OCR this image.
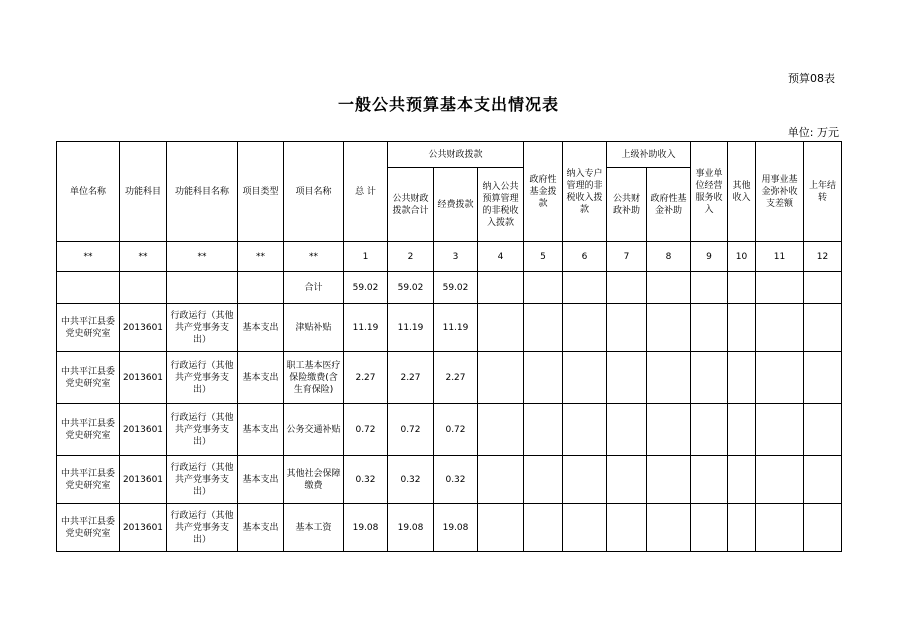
预算08表
一般公共预算基本支出情况表
单位: 万元
单位名称	功能科目	功能科目名称	项目类型	项目名称	总 计	公共财政拨款			政府性基金拨款	纳入专户管理的非税收入拨款	上级补助收入		事业单位经营服务收入	其他收入	用事业基金弥补收支差额	上年结转
						公共财政拨款合计	经费拨款	纳入公共预算管理的非税收入拨款			公共财政补助	政府性基金补助				
**	**	**	**	**	1	2	3	4	5	6	7	8	9	10	11	12
				合计	59.02	59.02	59.02									
中共平江县委党史研究室	2013601	行政运行（其他共产党事务支出）	基本支出	津贴补贴	11.19	11.19	11.19									
中共平江县委党史研究室	2013601	行政运行（其他共产党事务支出）	基本支出	职工基本医疗保险缴费(含生育保险)	2.27	2.27	2.27									
中共平江县委党史研究室	2013601	行政运行（其他共产党事务支出）	基本支出	公务交通补贴	0.72	0.72	0.72									
中共平江县委党史研究室	2013601	行政运行（其他共产党事务支出）	基本支出	其他社会保障缴费	0.32	0.32	0.32									
中共平江县委党史研究室	2013601	行政运行（其他共产党事务支出）	基本支出	基本工资	19.08	19.08	19.08									
